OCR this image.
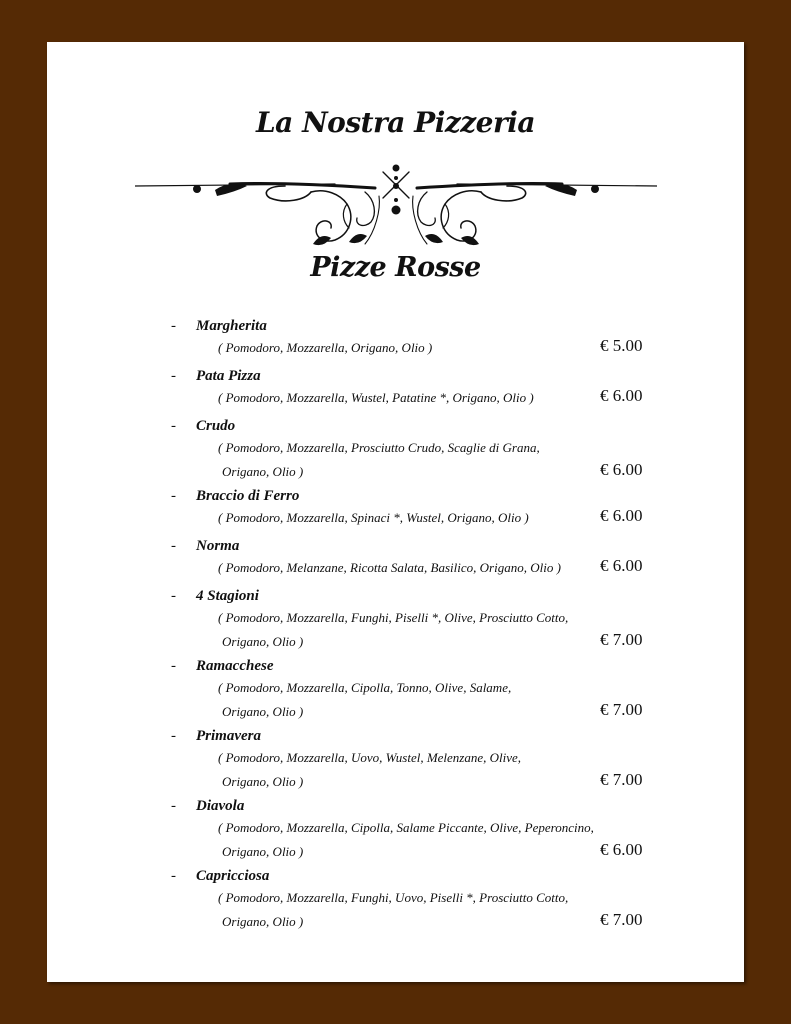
La Nostra Pizzeria
Pizze Rosse
- Margherita
( Pomodoro, Mozzarella, Origano, Olio )	€ 5.00
- Pata Pizza
( Pomodoro, Mozzarella, Wustel, Patatine *, Origano, Olio )	€ 6.00
- Crudo
( Pomodoro, Mozzarella, Prosciutto Crudo, Scaglie di Grana,
Origano, Olio )	€ 6.00
- Braccio di Ferro
( Pomodoro, Mozzarella, Spinaci *, Wustel, Origano, Olio )	€ 6.00
- Norma
( Pomodoro, Melanzane, Ricotta Salata, Basilico, Origano, Olio ) € 6.00
- 4 Stagioni
( Pomodoro, Mozzarella, Funghi, Piselli *, Olive, Prosciutto Cotto,
Origano, Olio )	€ 7.00
- Ramacchese
( Pomodoro, Mozzarella, Cipolla, Tonno, Olive, Salame,
Origano, Olio )	€ 7.00
- Primavera
( Pomodoro, Mozzarella, Uovo, Wustel, Melenzane, Olive,
Origano, Olio )	€ 7.00
- Diavola
( Pomodoro, Mozzarella, Cipolla, Salame Piccante, Olive, Peperoncino,
Origano, Olio )	€ 6.00
- Capricciosa
( Pomodoro, Mozzarella, Funghi, Uovo, Piselli *, Prosciutto Cotto,
Origano, Olio )	€ 7.00
